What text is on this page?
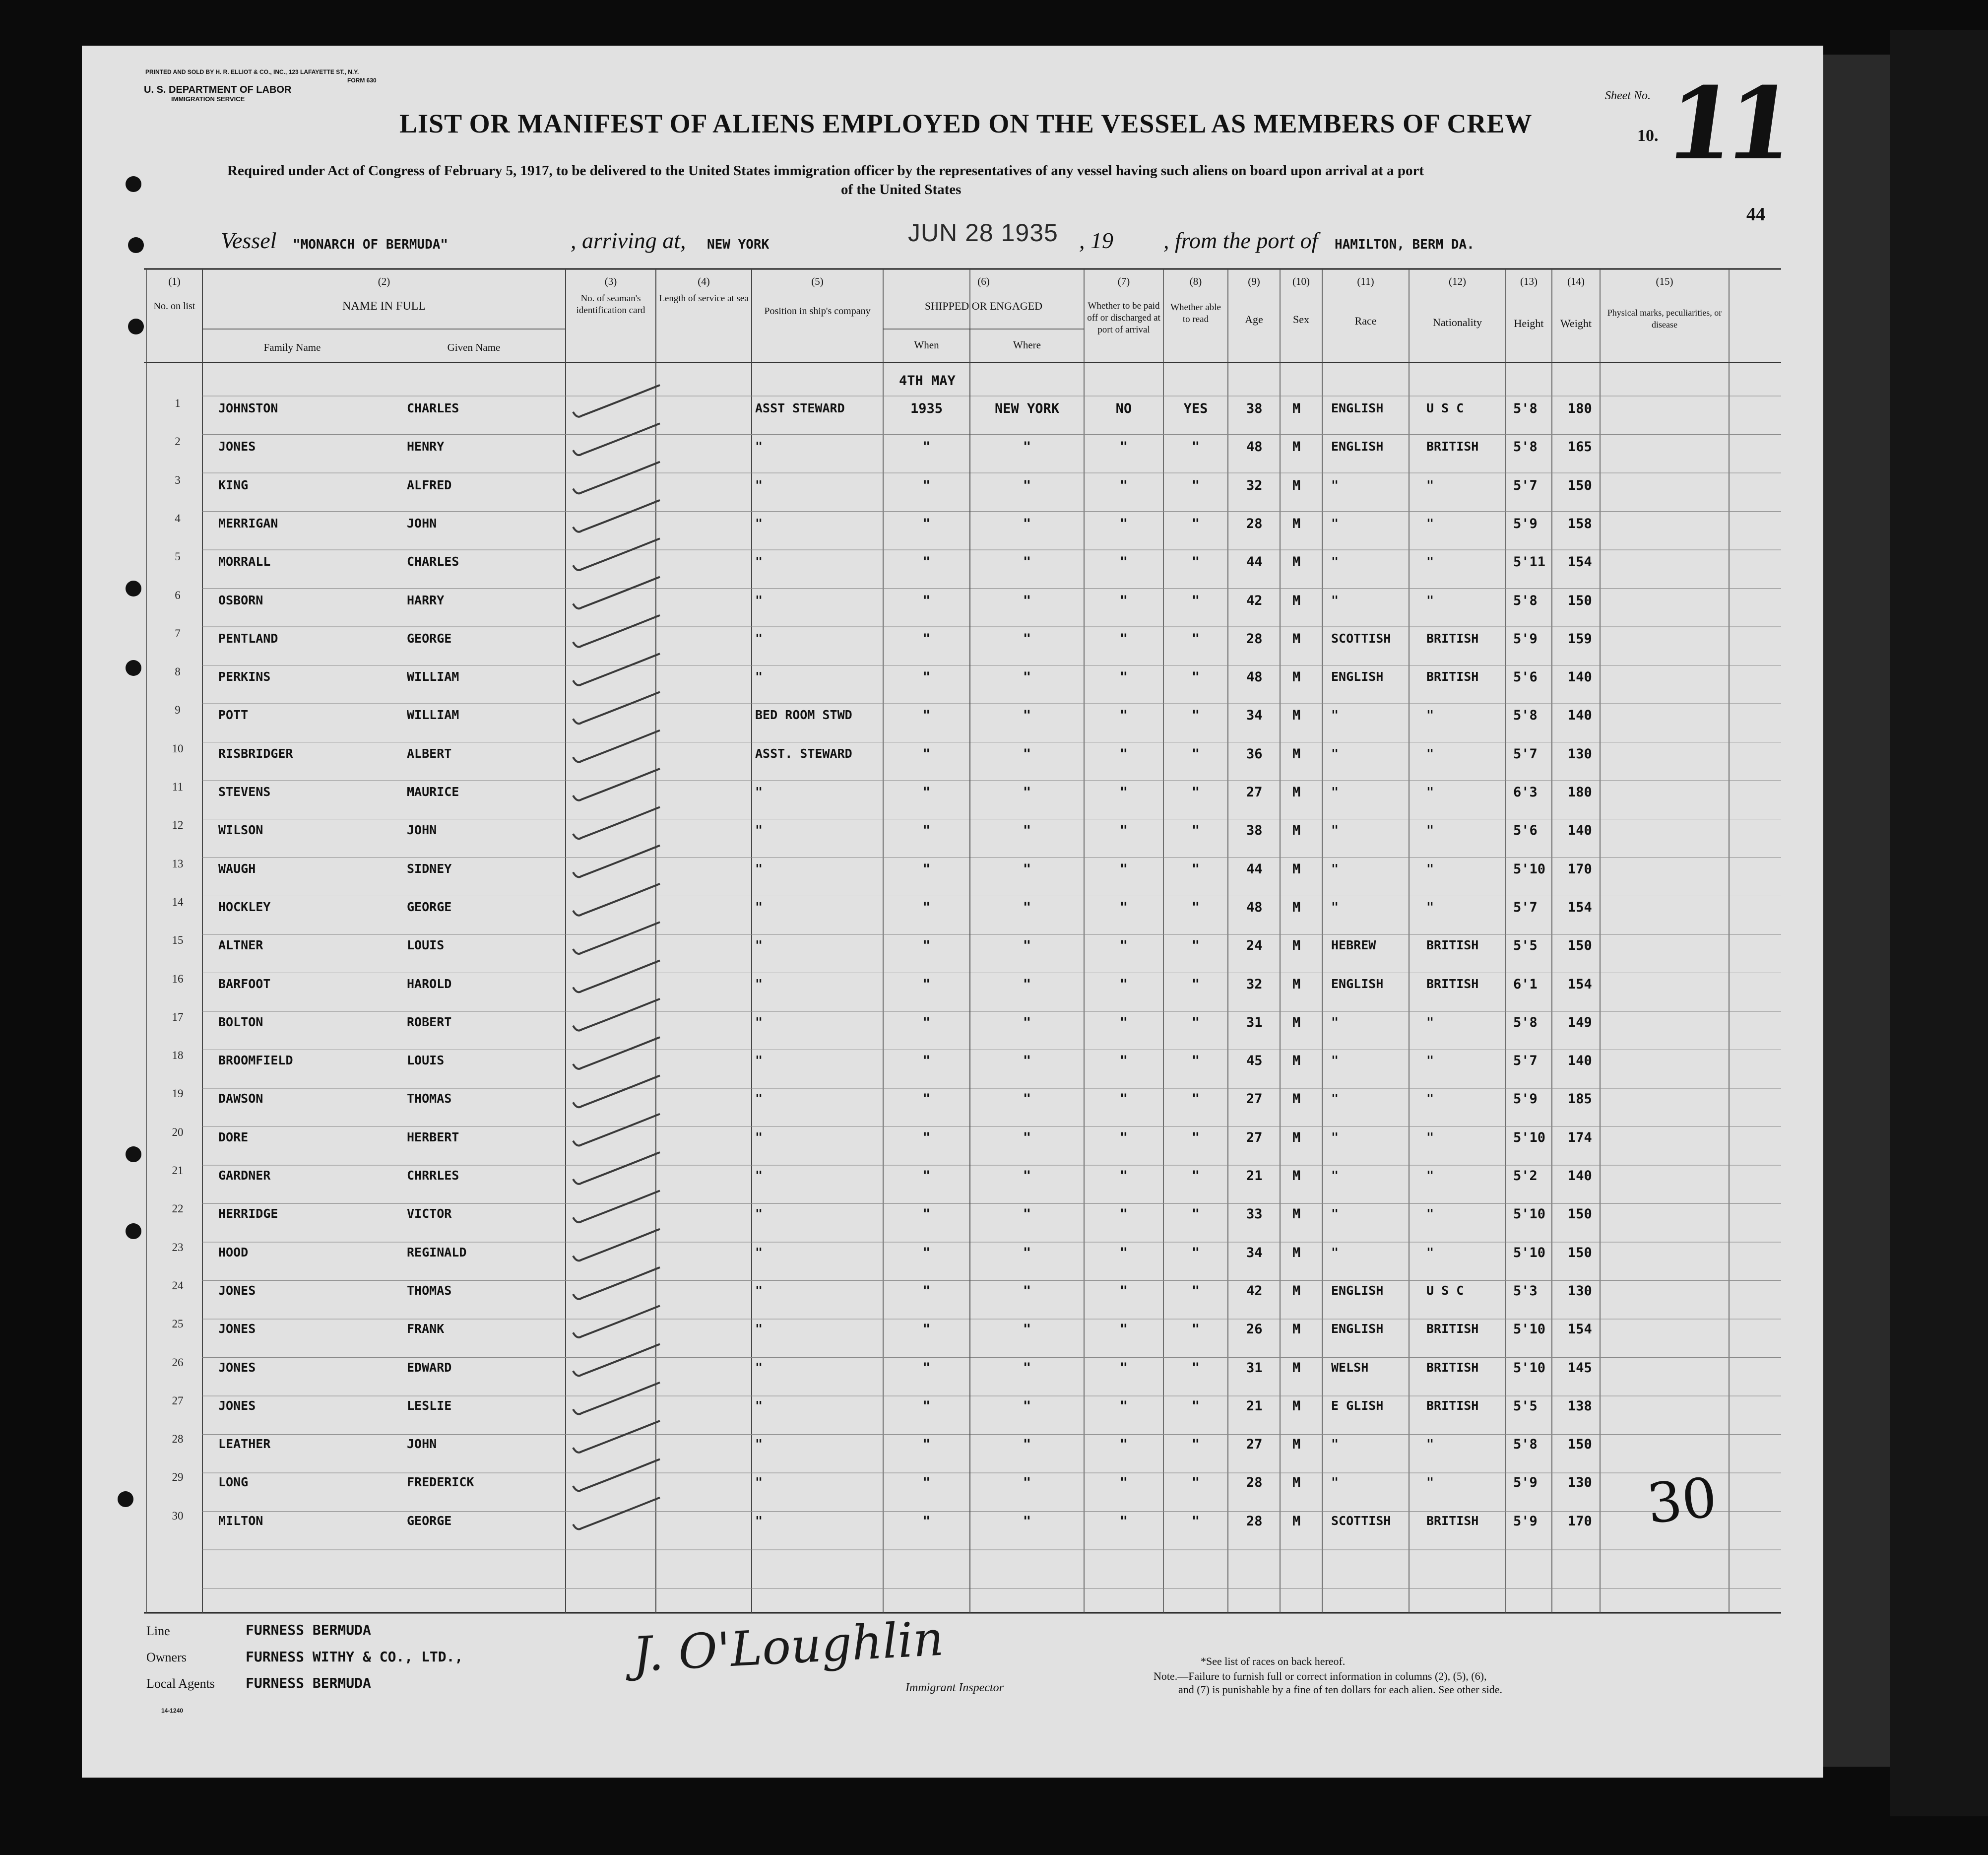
PRINTED AND SOLD BY H. R. ELLIOT & CO., INC., 123 LAFAYETTE ST., N.Y.
FORM 630
U. S. DEPARTMENT OF LABOR
IMMIGRATION SERVICE	Sheet No.
10. 11
44
LIST OR MANIFEST OF ALIENS EMPLOYED ON THE VESSEL AS MEMBERS OF CREW
Required under Act of Congress of February 5, 1917, to be delivered to the United States immigration officer by the representatives of any vessel having such aliens on board upon arrival at a port
of the United States
Vessel "MONARCH OF BERMUDA"	, arriving at, NEW YORK	JUN 28 1935 , 19 , from the port of HAMILTON, BERM DA.
(1)
No. on list
(2)
NAME IN FULL
(3)
No. of seaman's identification card
(4)
Length of service at sea
(5)
Position in ship's company
(6)
SHIPPED OR ENGAGED
(7)
Whether to be paid off or discharged at port of arrival
(8)
Whether able to read
(9)
Age
(10)
Sex
(11)
Race
(12)
Nationality
(13)
Height
(14)
Weight
(15)
Physical marks, peculiarities, or disease
Family Name	Given Name	When	Where
4TH MAY
1	JOHNSTON	CHARLES	ASST STEWARD	1935	NEW YORK	NO	YES	38 M ENGLISH	U S C	5'8 180
2	JONES	HENRY	"	"	"	"	"	48 M ENGLISH	BRITISH	5'8 165
3	KING	ALFRED	"	"	"	"	"	32 M "	"	5'7 150
4	MERRIGAN	JOHN	"	"	"	"	"	28 M "	"	5'9 158
5	MORRALL	CHARLES	"	"	"	"	"	44 M "	"	5'11 154
6	OSBORN	HARRY	"	"	"	"	"	42 M "	"	5'8 150
7	PENTLAND	GEORGE	"	"	"	"	"	28 M SCOTTISH	BRITISH	5'9 159
8	PERKINS	WILLIAM	"	"	"	"	"	48 M ENGLISH	BRITISH	5'6 140
9	POTT	WILLIAM	BED ROOM STWD	"	"	"	"	34 M "	"	5'8 140
10	RISBRIDGER	ALBERT	ASST. STEWARD	"	"	"	"	36 M "	"	5'7 130
11	STEVENS	MAURICE	"	"	"	"	"	27 M "	"	6'3 180
12	WILSON	JOHN	"	"	"	"	"	38 M "	"	5'6 140
13	WAUGH	SIDNEY	"	"	"	"	"	44 M "	"	5'10 170
14	HOCKLEY	GEORGE	"	"	"	"	"	48 M "	"	5'7 154
15	ALTNER	LOUIS	"	"	"	"	"	24 M HEBREW	BRITISH	5'5 150
16	BARFOOT	HAROLD	"	"	"	"	"	32 M ENGLISH	BRITISH	6'1 154
17	BOLTON	ROBERT	"	"	"	"	"	31 M "	"	5'8 149
18	BROOMFIELD	LOUIS	"	"	"	"	"	45 M "	"	5'7 140
19	DAWSON	THOMAS	"	"	"	"	"	27 M "	"	5'9 185
20	DORE	HERBERT	"	"	"	"	"	27 M "	"	5'10 174
21	GARDNER	CHRRLES	"	"	"	"	"	21 M "	"	5'2 140
22	HERRIDGE	VICTOR	"	"	"	"	"	33 M "	"	5'10 150
23	HOOD	REGINALD	"	"	"	"	"	34 M "	"	5'10 150
24	JONES	THOMAS	"	"	"	"	"	42 M ENGLISH	U S C	5'3 130
25	JONES	FRANK	"	"	"	"	"	26 M ENGLISH	BRITISH	5'10 154
26	JONES	EDWARD	"	"	"	"	"	31 M WELSH	BRITISH	5'10 145
27	JONES	LESLIE	"	"	"	"	"	21 M E GLISH	BRITISH	5'5 138
28	LEATHER	JOHN	"	"	"	"	"	27 M "	"	5'8 150
29	LONG	FREDERICK	"	"	"	"	"	28 M "	"	5'9 130
30	MILTON	GEORGE	"	"	"	"	"	28 M SCOTTISH	BRITISH	5'9 170 30
Line	FURNESS BERMUDA
Owners	FURNESS WITHY & CO., LTD.,
Local Agents FURNESS BERMUDA
14-1240
J. O'Loughlin
Immigrant Inspector
*See list of races on back hereof.
Note.—Failure to furnish full or correct information in columns (2), (5), (6),
and (7) is punishable by a fine of ten dollars for each alien. See other side.
